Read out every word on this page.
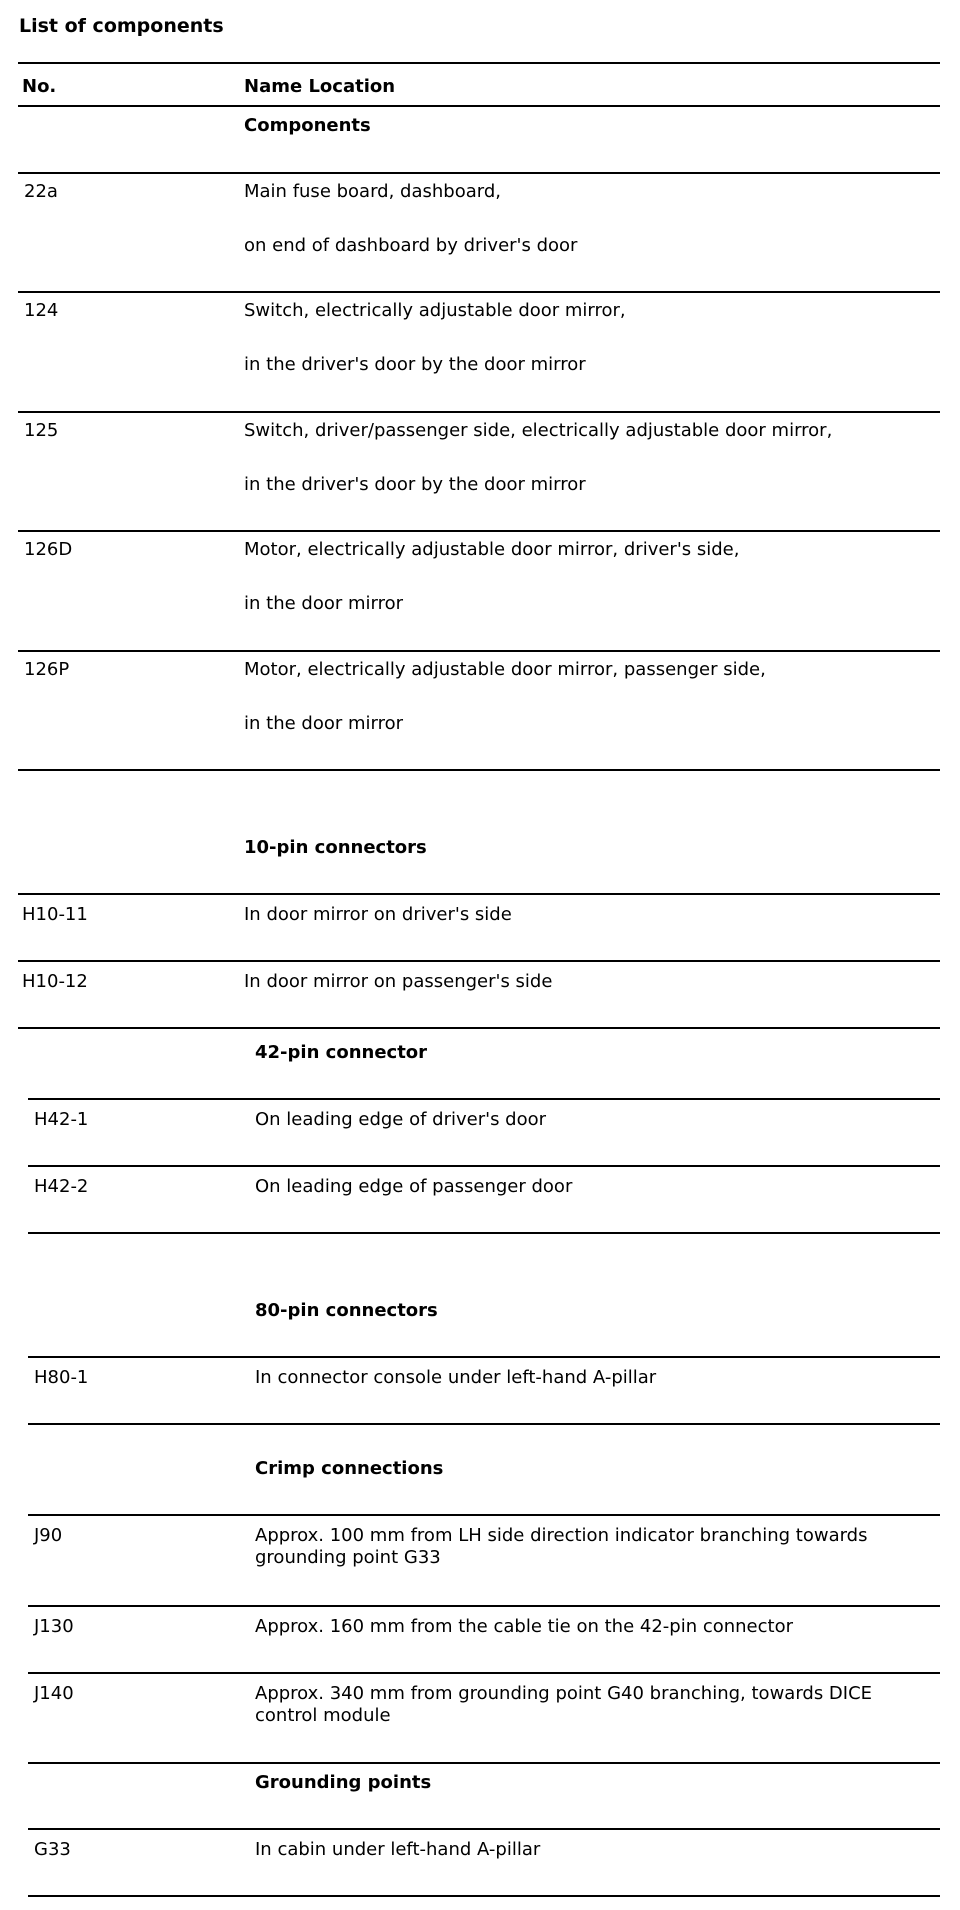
List of components
No.	Name Location
Components
22a	Main fuse board, dashboard,
on end of dashboard by driver's door
124	Switch, electrically adjustable door mirror,
in the driver's door by the door mirror
125	Switch, driver/passenger side, electrically adjustable door mirror,
in the driver's door by the door mirror
126D	Motor, electrically adjustable door mirror, driver's side,
in the door mirror
126P	Motor, electrically adjustable door mirror, passenger side,
in the door mirror
10-pin connectors
H10-11	In door mirror on driver's side
H10-12	In door mirror on passenger's side
42-pin connector
H42-1	On leading edge of driver's door
H42-2	On leading edge of passenger door
80-pin connectors
H80-1	In connector console under left-hand A-pillar
Crimp connections
J90	Approx. 100 mm from LH side direction indicator branching towards grounding point G33
J130	Approx. 160 mm from the cable tie on the 42-pin connector
J140	Approx. 340 mm from grounding point G40 branching, towards DICE control module
Grounding points
G33	In cabin under left-hand A-pillar
